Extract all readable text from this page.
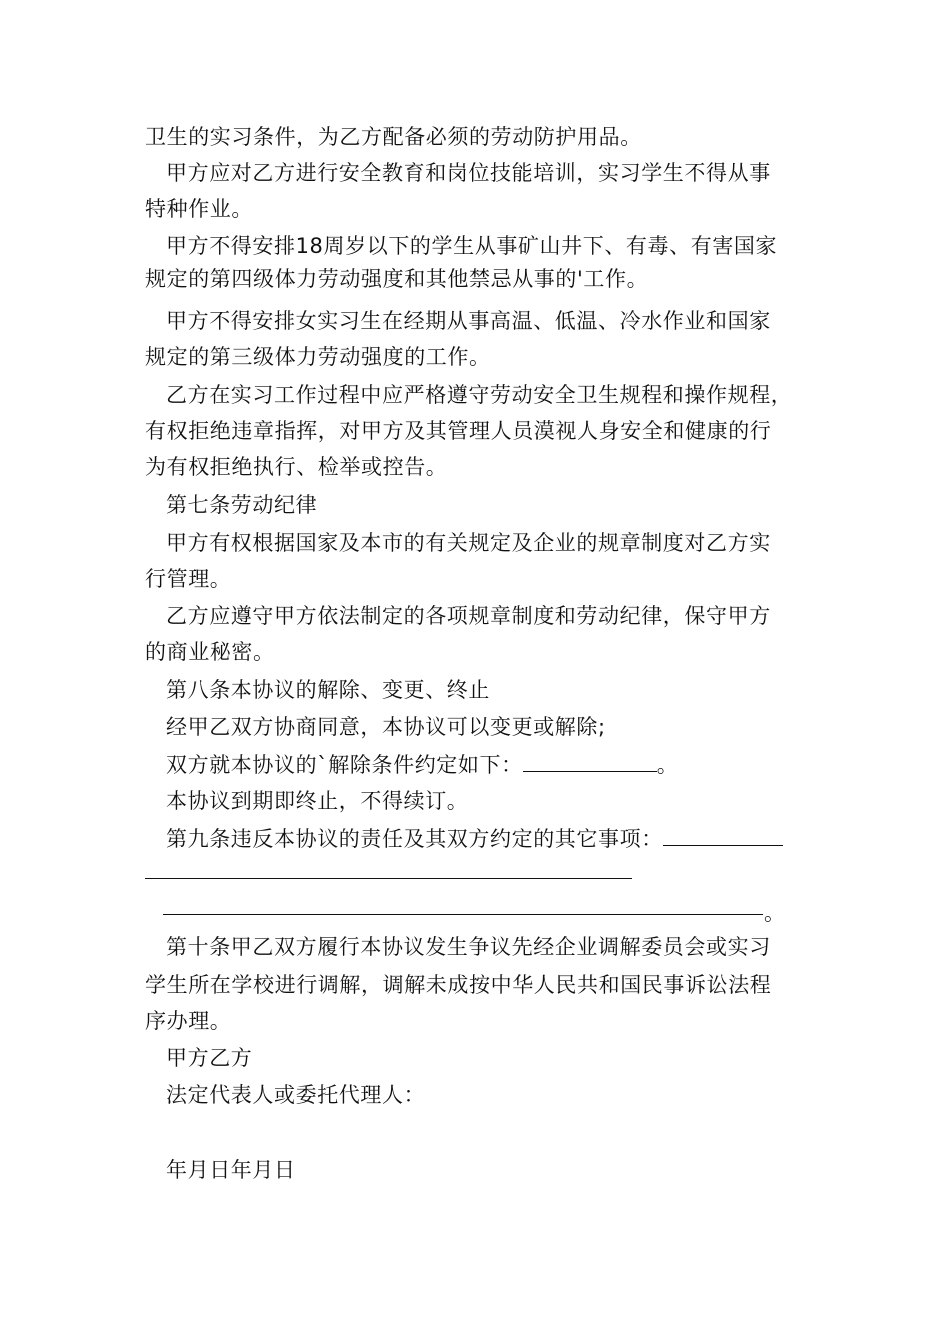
卫生的实习条件，为乙方配备必须的劳动防护用品。
甲方应对乙方进行安全教育和岗位技能培训，实习学生不得从事
特种作业。
甲方不得安排18周岁以下的学生从事矿山井下、有毒、有害国家
规定的第四级体力劳动强度和其他禁忌从事的'工作。
甲方不得安排女实习生在经期从事高温、低温、冷水作业和国家
规定的第三级体力劳动强度的工作。
乙方在实习工作过程中应严格遵守劳动安全卫生规程和操作规程，
有权拒绝违章指挥，对甲方及其管理人员漠视人身安全和健康的行
为有权拒绝执行、检举或控告。
第七条劳动纪律
甲方有权根据国家及本市的有关规定及企业的规章制度对乙方实
行管理。
乙方应遵守甲方依法制定的各项规章制度和劳动纪律，保守甲方
的商业秘密。
第八条本协议的解除、变更、终止
经甲乙双方协商同意，本协议可以变更或解除;
双方就本协议的`解除条件约定如下：	。
本协议到期即终止，不得续订。
第九条违反本协议的责任及其双方约定的其它事项：
。
第十条甲乙双方履行本协议发生争议先经企业调解委员会或实习
学生所在学校进行调解，调解未成按中华人民共和国民事诉讼法程
序办理。
甲方乙方
法定代表人或委托代理人：
年月日年月日
